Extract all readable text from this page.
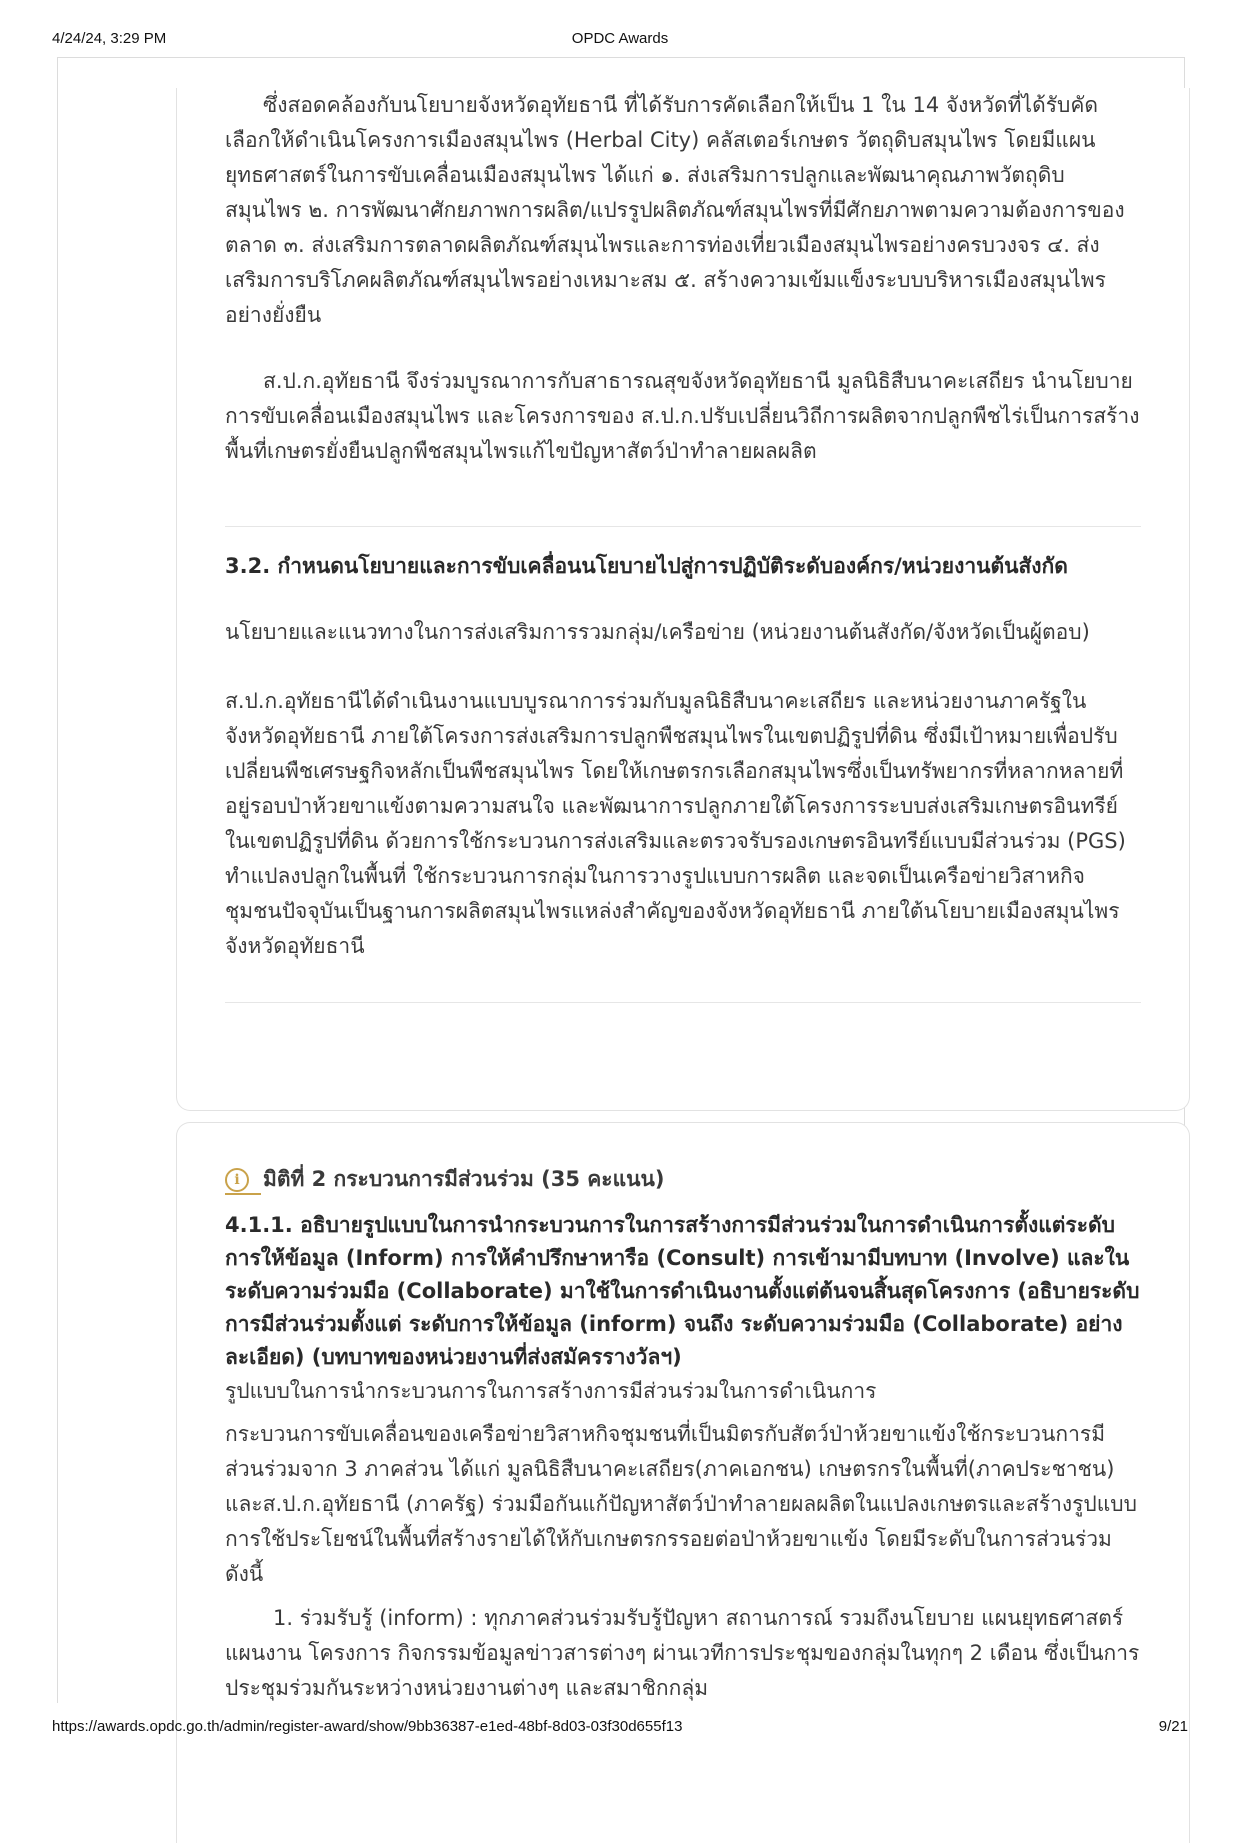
4/24/24, 3:29 PM	OPDC Awards

ซึ่งสอดคล้องกับนโยบายจังหวัดอุทัยธานี ที่ได้รับการคัดเลือกให้เป็น 1 ใน 14 จังหวัดที่ได้รับคัดเลือกให้ดําเนินโครงการเมืองสมุนไพร (Herbal City) คลัสเตอร์เกษตร วัตถุดิบสมุนไพร โดยมีแผนยุทธศาสตร์ในการขับเคลื่อนเมืองสมุนไพร ได้แก่ ๑. ส่งเสริมการปลูกและพัฒนาคุณภาพวัตถุดิบสมุนไพร ๒. การพัฒนาศักยภาพการผลิต/แปรรูปผลิตภัณฑ์สมุนไพรที่มีศักยภาพตามความต้องการของตลาด ๓. ส่งเสริมการตลาดผลิตภัณฑ์สมุนไพรและการท่องเที่ยวเมืองสมุนไพรอย่างครบวงจร ๔. ส่งเสริมการบริโภคผลิตภัณฑ์สมุนไพรอย่างเหมาะสม ๕. สร้างความเข้มแข็งระบบบริหารเมืองสมุนไพรอย่างยั่งยืน

ส.ป.ก.อุทัยธานี จึงร่วมบูรณาการกับสาธารณสุขจังหวัดอุทัยธานี มูลนิธิสืบนาคะเสถียร นำนโยบายการขับเคลื่อนเมืองสมุนไพร และโครงการของ ส.ป.ก.ปรับเปลี่ยนวิถีการผลิตจากปลูกพืชไร่เป็นการสร้างพื้นที่เกษตรยั่งยืนปลูกพืชสมุนไพรแก้ไขปัญหาสัตว์ป่าทำลายผลผลิต

3.2. กำหนดนโยบายและการขับเคลื่อนนโยบายไปสู่การปฏิบัติระดับองค์กร/หน่วยงานต้นสังกัด

นโยบายและแนวทางในการส่งเสริมการรวมกลุ่ม/เครือข่าย (หน่วยงานต้นสังกัด/จังหวัดเป็นผู้ตอบ)

ส.ป.ก.อุทัยธานีได้ดำเนินงานแบบบูรณาการร่วมกับมูลนิธิสืบนาคะเสถียร และหน่วยงานภาครัฐในจังหวัดอุทัยธานี ภายใต้โครงการส่งเสริมการปลูกพืชสมุนไพรในเขตปฏิรูปที่ดิน ซึ่งมีเป้าหมายเพื่อปรับเปลี่ยนพืชเศรษฐกิจหลักเป็นพืชสมุนไพร โดยให้เกษตรกรเลือกสมุนไพรซึ่งเป็นทรัพยากรที่หลากหลายที่อยู่รอบป่าห้วยขาแข้งตามความสนใจ และพัฒนาการปลูกภายใต้โครงการระบบส่งเสริมเกษตรอินทรีย์ในเขตปฏิรูปที่ดิน ด้วยการใช้กระบวนการส่งเสริมและตรวจรับรองเกษตรอินทรีย์แบบมีส่วนร่วม (PGS) ทำแปลงปลูกในพื้นที่ ใช้กระบวนการกลุ่มในการวางรูปแบบการผลิต และจดเป็นเครือข่ายวิสาหกิจชุมชนปัจจุบันเป็นฐานการผลิตสมุนไพรแหล่งสำคัญของจังหวัดอุทัยธานี ภายใต้นโยบายเมืองสมุนไพรจังหวัดอุทัยธานี

i	มิติที่ 2 กระบวนการมีส่วนร่วม (35 คะแนน)

4.1.1. อธิบายรูปแบบในการนำกระบวนการในการสร้างการมีส่วนร่วมในการดำเนินการตั้งแต่ระดับการให้ข้อมูล (Inform) การให้คำปรึกษาหารือ (Consult) การเข้ามามีบทบาท (Involve) และในระดับความร่วมมือ (Collaborate) มาใช้ในการดำเนินงานตั้งแต่ต้นจนสิ้นสุดโครงการ (อธิบายระดับการมีส่วนร่วมตั้งแต่ ระดับการให้ข้อมูล (inform) จนถึง ระดับความร่วมมือ (Collaborate) อย่างละเอียด) (บทบาทของหน่วยงานที่ส่งสมัครรางวัลฯ)

รูปแบบในการนำกระบวนการในการสร้างการมีส่วนร่วมในการดำเนินการ

กระบวนการขับเคลื่อนของเครือข่ายวิสาหกิจชุมชนที่เป็นมิตรกับสัตว์ป่าห้วยขาแข้งใช้กระบวนการมีส่วนร่วมจาก 3 ภาคส่วน ได้แก่ มูลนิธิสืบนาคะเสถียร(ภาคเอกชน) เกษตรกรในพื้นที่(ภาคประชาชน) และส.ป.ก.อุทัยธานี (ภาครัฐ) ร่วมมือกันแก้ปัญหาสัตว์ป่าทำลายผลผลิตในแปลงเกษตรและสร้างรูปแบบการใช้ประโยชน์ในพื้นที่สร้างรายได้ให้กับเกษตรกรรอยต่อป่าห้วยขาแข้ง โดยมีระดับในการส่วนร่วม ดังนี้

1. ร่วมรับรู้ (inform) : ทุกภาคส่วนร่วมรับรู้ปัญหา สถานการณ์ รวมถึงนโยบาย แผนยุทธศาสตร์ แผนงาน โครงการ กิจกรรมข้อมูลข่าวสารต่างๆ ผ่านเวทีการประชุมของกลุ่มในทุกๆ 2 เดือน ซึ่งเป็นการประชุมร่วมกันระหว่างหน่วยงานต่างๆ และสมาชิกกลุ่ม

https://awards.opdc.go.th/admin/register-award/show/9bb36387-e1ed-48bf-8d03-03f30d655f13	9/21
